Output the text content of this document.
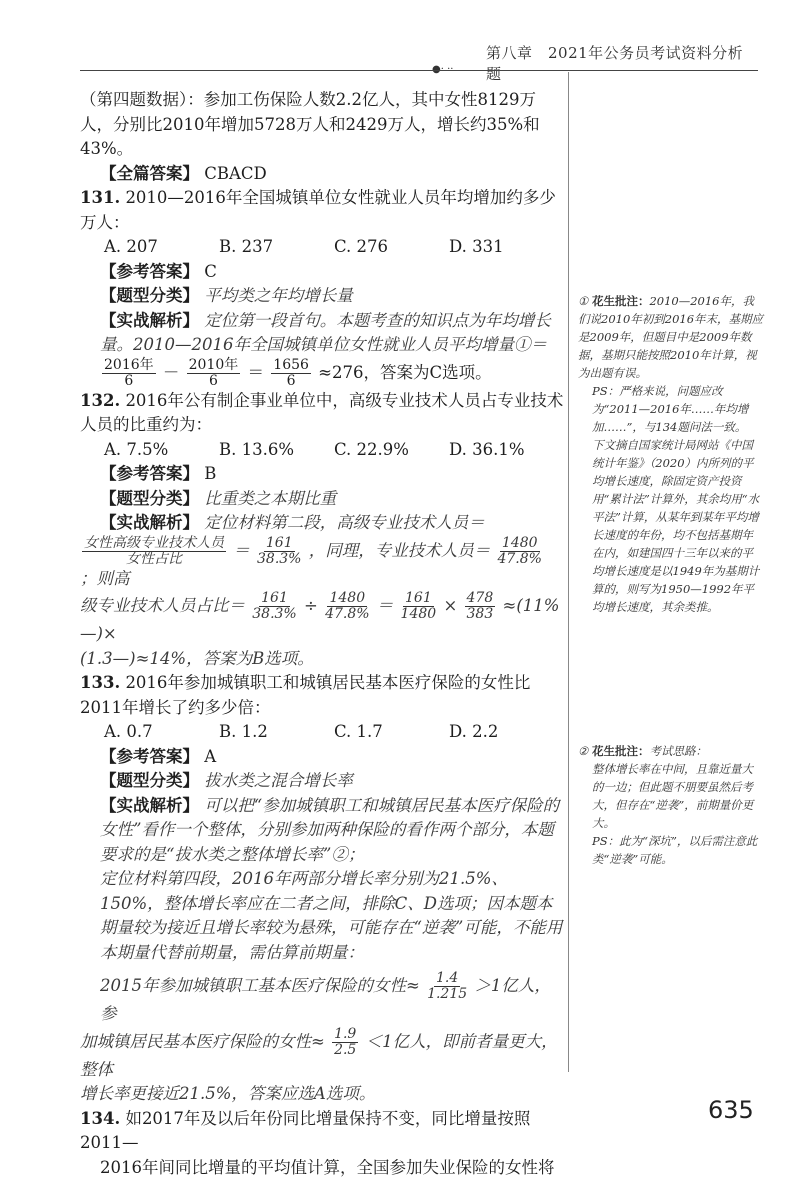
第八章　2021年公务员考试资料分析题
●· ··

（第四题数据）：参加工伤保险人数2.2亿人，其中女性8129万人，分别比2010年增加5728万人和2429万人，增长约35%和43%。

【全篇答案】 CBACD

131. 2010—2016年全国城镇单位女性就业人员年均增加约多少万人：

A. 207	B. 237	C. 276	D. 331

【参考答案】 C

【题型分类】 平均类之年均增长量

【实战解析】 定位第一段首句。本题考查的知识点为年均增长量。2010—2016年全国城镇单位女性就业人员平均增量①＝
$\frac{\text{2016年}}{6} - \frac{\text{2010年}}{6} = \frac{1656}{6} \approx 276$，答案为C选项。

132. 2016年公有制企事业单位中，高级专业技术人员占专业技术人员的比重约为：

A. 7.5%	B. 13.6%	C. 22.9%	D. 36.1%

【参考答案】 B

【题型分类】 比重类之本期比重

【实战解析】 定位材料第二段，高级专业技术人员＝

$\frac{\text{女性高级专业技术人员}}{\text{女性占比}} = \frac{161}{38.3\%}$ ，同理，专业技术人员＝ $\frac{1480}{47.8\%}$
；则高

级专业技术人员占比＝ $\frac{161}{38.3\%} \div \frac{1480}{47.8\%} = \frac{161}{1480} \times \frac{478}{383}$ ≈(11%—)×

(1.3—)≈14%，答案为B选项。

133. 2016年参加城镇职工和城镇居民基本医疗保险的女性比2011年增长了约多少倍：

A. 0.7	B. 1.2	C. 1.7	D. 2.2

【参考答案】 A

【题型分类】 拔水类之混合增长率

【实战解析】 可以把“参加城镇职工和城镇居民基本医疗保险的女性”看作一个整体，分别参加两种保险的看作两个部分，本题要求的是“拔水类之整体增长率”②；

定位材料第四段，2016年两部分增长率分别为21.5%、150%，整体增长率应在二者之间，排除C、D选项；因本题本期量较为接近且增长率较为悬殊，可能存在“逆袭”可能，不能用本期量代替前期量，需估算前期量：

2015年参加城镇职工基本医疗保险的女性≈ $\frac{1.4}{1.215} >1$亿人，参

加城镇居民基本医疗保险的女性≈ $\frac{1.9}{2.5} <1$亿人，即前者量更大，整体

增长率更接近21.5%，答案应选A选项。

134. 如2017年及以后年份同比增量保持不变，同比增量按照2011—

2016年间同比增量的平均值计算，全国参加失业保险的女性将

① 花生批注：2010—2016年，我们说2010年初到2016年末，基期应是2009年，但题目中是2009年数据，基期只能按照2010年计算，视为出题有误。

PS：严格来说，问题应改为“2011—2016年……年均增加……”，与134题问法一致。

下文摘自国家统计局网站《中国统计年鉴》（2020）内所列的平均增长速度，除固定资产投资用“累计法”计算外，其余均用“水平法”计算，从某年到某年平均增长速度的年份，均不包括基期年在内，如建国四十三年以来的平均增长速度是以1949年为基期计算的，则写为1950—1992年平均增长速度，其余类推。

② 花生批注：考试思路：

整体增长率在中间，且靠近量大的一边；但此题不朋要虽然后考大，但存在“逆袭”，前期量价更大。

PS：此为“深坑”，以后需注意此类“逆袭”可能。

635
